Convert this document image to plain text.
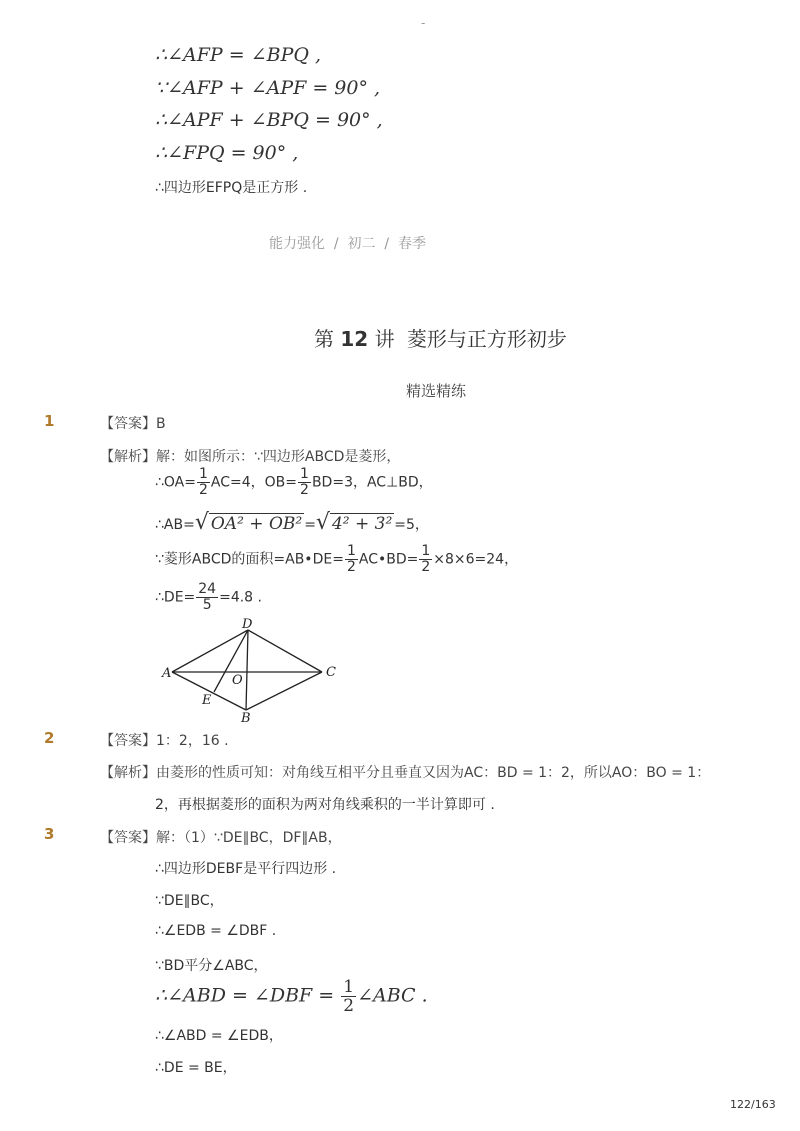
-
∴∠AFP = ∠BPQ ,
∵∠AFP + ∠APF = 90° ,
∴∠APF + ∠BPQ = 90° ,
∴∠FPQ = 90° ,
∴四边形EFPQ是正方形 .
能力强化  /  初二  /  春季
第 12 讲 菱形与正方形初步
精选精练
1	【答案】B
【解析】解：如图所示：∵四边形ABCD是菱形，
∴OA= $\frac{1}{2} AC=4$，$OB= \frac{1}{2} BD=3$，AC⊥BD，
∴AB=√ OA² + OB² =√ 4² + 3² =5，
∵菱形ABCD的面积=AB•DE= $\frac{1}{2}$ AC•BD= $\frac{1}{2} \times 8\times 6=24$，
∴DE= $\frac{24}{5} =4.8$ .
D
A	C
O
E
B
2	【答案】1：2，16 .
【解析】由菱形的性质可知：对角线互相平分且垂直又因为AC：BD = 1：2，所以AO：BO = 1：
2，再根据菱形的面积为两对角线乘积的一半计算即可 .
3	【答案】解：（1）∵DE∥BC，DF∥AB，
∴四边形DEBF是平行四边形 .
∵DE∥BC，
∴∠EDB = ∠DBF .
∵BD平分∠ABC，
∴∠ABD = ∠DBF = $\frac{1}{2}$ ∠ABC .
∴∠ABD = ∠EDB，
∴DE = BE，
122/163
